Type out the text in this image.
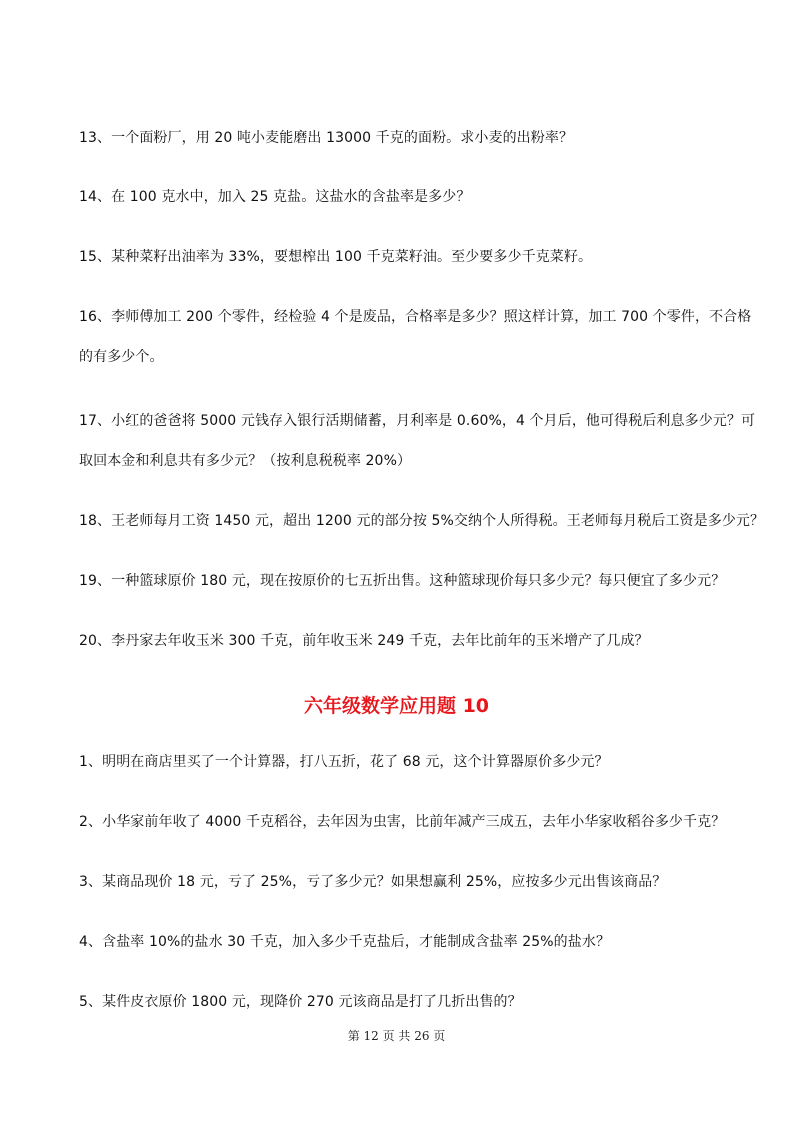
13、一个面粉厂，用 20 吨小麦能磨出 13000 千克的面粉。求小麦的出粉率？
14、在 100 克水中，加入 25 克盐。这盐水的含盐率是多少？
15、某种菜籽出油率为 33%，要想榨出 100 千克菜籽油。至少要多少千克菜籽。
16、李师傅加工 200 个零件，经检验 4 个是废品，合格率是多少？照这样计算，加工 700 个零件，不合格
的有多少个。
17、小红的爸爸将 5000 元钱存入银行活期储蓄，月利率是 0.60%，4 个月后，他可得税后利息多少元？可
取回本金和利息共有多少元？（按利息税税率 20%）
18、王老师每月工资 1450 元，超出 1200 元的部分按 5%交纳个人所得税。王老师每月税后工资是多少元？
19、一种篮球原价 180 元，现在按原价的七五折出售。这种篮球现价每只多少元？每只便宜了多少元？
20、李丹家去年收玉米 300 千克，前年收玉米 249 千克，去年比前年的玉米增产了几成？
六年级数学应用题 10
1、明明在商店里买了一个计算器，打八五折，花了 68 元，这个计算器原价多少元？
2、小华家前年收了 4000 千克稻谷，去年因为虫害，比前年减产三成五，去年小华家收稻谷多少千克？
3、某商品现价 18 元，亏了 25%，亏了多少元？如果想赢利 25%，应按多少元出售该商品？
4、含盐率 10%的盐水 30 千克，加入多少千克盐后，才能制成含盐率 25%的盐水？
5、某件皮衣原价 1800 元，现降价 270 元该商品是打了几折出售的？
第 12 页 共 26 页
